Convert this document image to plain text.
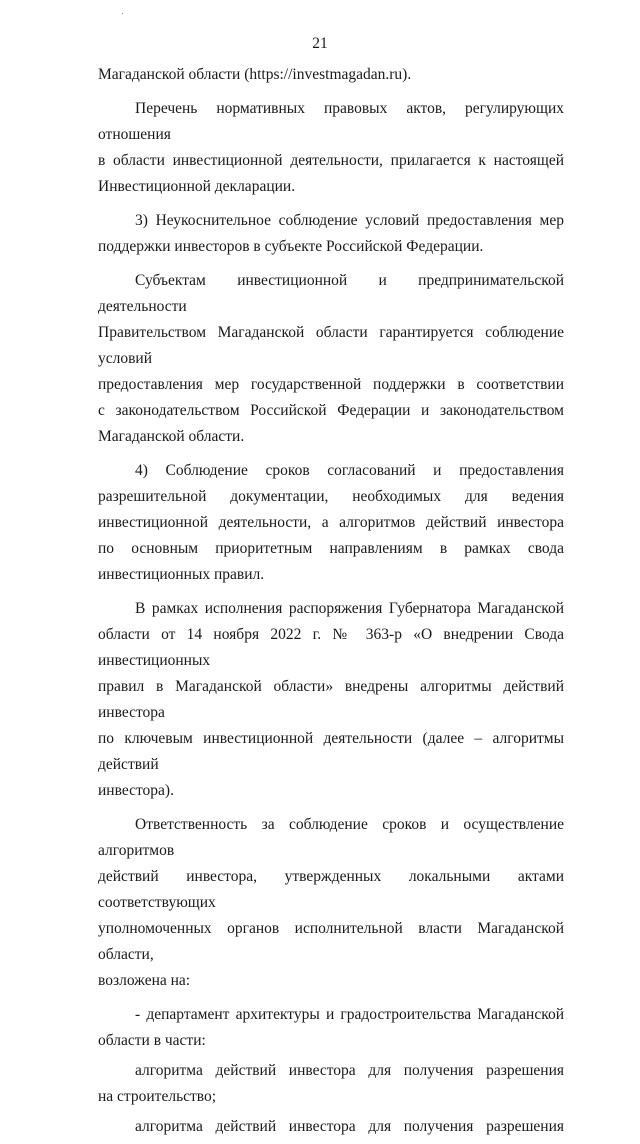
21
Магаданской области (https://investmagadan.ru).
Перечень нормативных правовых актов, регулирующих отношения
в области инвестиционной деятельности, прилагается к настоящей
Инвестиционной декларации.
3) Неукоснительное соблюдение условий предоставления мер
поддержки инвесторов в субъекте Российской Федерации.
Субъектам инвестиционной и предпринимательской деятельности
Правительством Магаданской области гарантируется соблюдение условий
предоставления мер государственной поддержки в соответствии
с законодательством Российской Федерации и законодательством
Магаданской области.
4) Соблюдение сроков согласований и предоставления
разрешительной документации, необходимых для ведения
инвестиционной деятельности, а алгоритмов действий инвестора
по основным приоритетным направлениям в рамках свода
инвестиционных правил.
В рамках исполнения распоряжения Губернатора Магаданской
области от 14 ноября 2022 г. № 363-р «О внедрении Свода инвестиционных
правил в Магаданской области» внедрены алгоритмы действий инвестора
по ключевым инвестиционной деятельности (далее – алгоритмы действий
инвестора).
Ответственность за соблюдение сроков и осуществление алгоритмов
действий инвестора, утвержденных локальными актами соответствующих
уполномоченных органов исполнительной власти Магаданской области,
возложена на:
- департамент архитектуры и градостроительства Магаданской
области в части:
алгоритма действий инвестора для получения разрешения
на строительство;
алгоритма действий инвестора для получения разрешения
